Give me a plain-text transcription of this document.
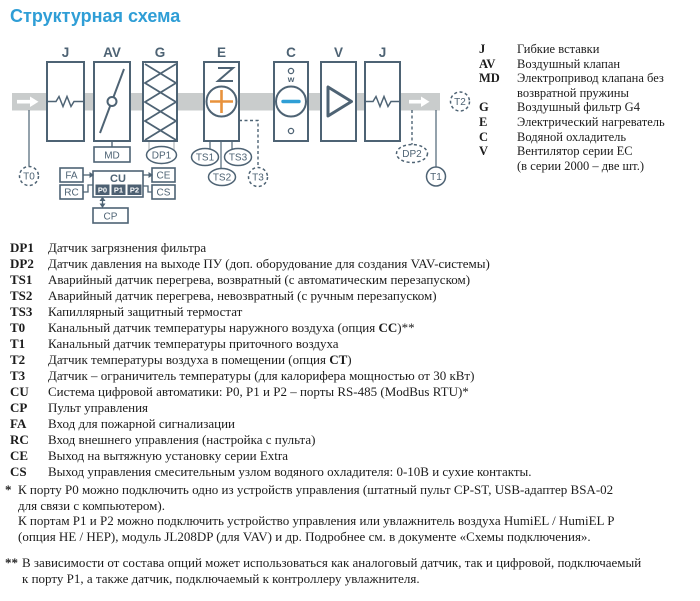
Структурная схема
J	AV	G	E	C	V	J
w
T0
MD	DP1 TS1 TS3
TS2 T3
DP2
T1
T2
FA
RC
CE
CS
CU
CP
P0 P1 P2
J	Гибкие вставки
AV	Воздушный клапан
MD	Электропривод клапана без
возвратной пружины
G	Воздушный фильтр G4
E	Электрический нагреватель
C	Водяной охладитель
V	Вентилятор серии ЕС
(в серии 2000 – две шт.)
DP1	Датчик загрязнения фильтра
DP2	Датчик давления на выходе ПУ (доп. оборудование для создания VAV-системы)
TS1	Аварийный датчик перегрева, возвратный (с автоматическим перезапуском)
TS2	Аварийный датчик перегрева, невозвратный (с ручным перезапуском)
TS3	Капиллярный защитный термостат
T0	Канальный датчик температуры наружного воздуха (опция СС)**
T1	Канальный датчик температуры приточного воздуха
T2	Датчик температуры воздуха в помещении (опция СТ)
T3	Датчик – ограничитель температуры (для калорифера мощностью от 30 кВт)
CU	Система цифровой автоматики: P0, P1 и P2 – порты RS-485 (ModBus RTU)*
CP	Пульт управления
FA	Вход для пожарной сигнализации
RC	Вход внешнего управления (настройка с пульта)
CE	Выход на вытяжную установку серии Extra
CS	Выход управления смесительным узлом водяного охладителя: 0-10В и сухие контакты.
* К порту P0 можно подключить одно из устройств управления (штатный пульт CP-ST, USB-адаптер BSA-02
для связи с компьютером).
К портам P1 и P2 можно подключить устройство управления или увлажнитель воздуха HumiEL / HumiEL P
(опция HE / HEP), модуль JL208DP (для VAV) и др. Подробнее см. в документе «Схемы подключения».
** В зависимости от состава опций может использоваться как аналоговый датчик, так и цифровой, подключаемый
к порту P1, а также датчик, подключаемый к контроллеру увлажнителя.
